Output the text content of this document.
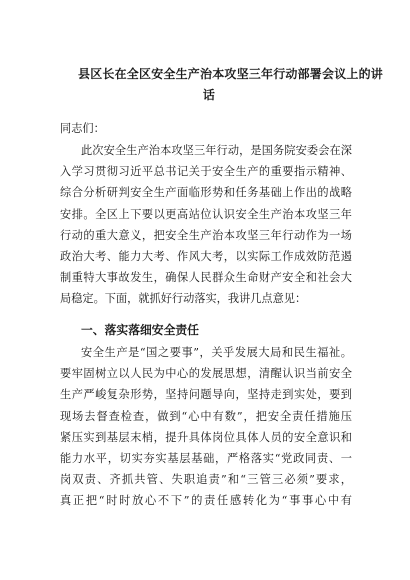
县区长在全区安全生产治本攻坚三年行动部署会议上的讲
话
同志们：
此次安全生产治本攻坚三年行动，是国务院安委会在深
入学习贯彻习近平总书记关于安全生产的重要指示精神、
综合分析研判安全生产面临形势和任务基础上作出的战略
安排。全区上下要以更高站位认识安全生产治本攻坚三年
行动的重大意义，把安全生产治本攻坚三年行动作为一场
政治大考、能力大考、作风大考，以实际工作成效防范遏
制重特大事故发生，确保人民群众生命财产安全和社会大
局稳定。下面，就抓好行动落实，我讲几点意见：
一、落实落细安全责任
安全生产是“国之要事”，关乎发展大局和民生福祉。
要牢固树立以人民为中心的发展思想，清醒认识当前安全
生产严峻复杂形势，坚持问题导向，坚持走到实处，要到
现场去督查检查，做到“心中有数”，把安全责任措施压
紧压实到基层末梢，提升具体岗位具体人员的安全意识和
能力水平，切实夯实基层基础，严格落实“党政同责、一
岗双责、齐抓共管、失职追责”和“三管三必须”要求，
真正把“时时放心不下”的责任感转化为“事事心中有
